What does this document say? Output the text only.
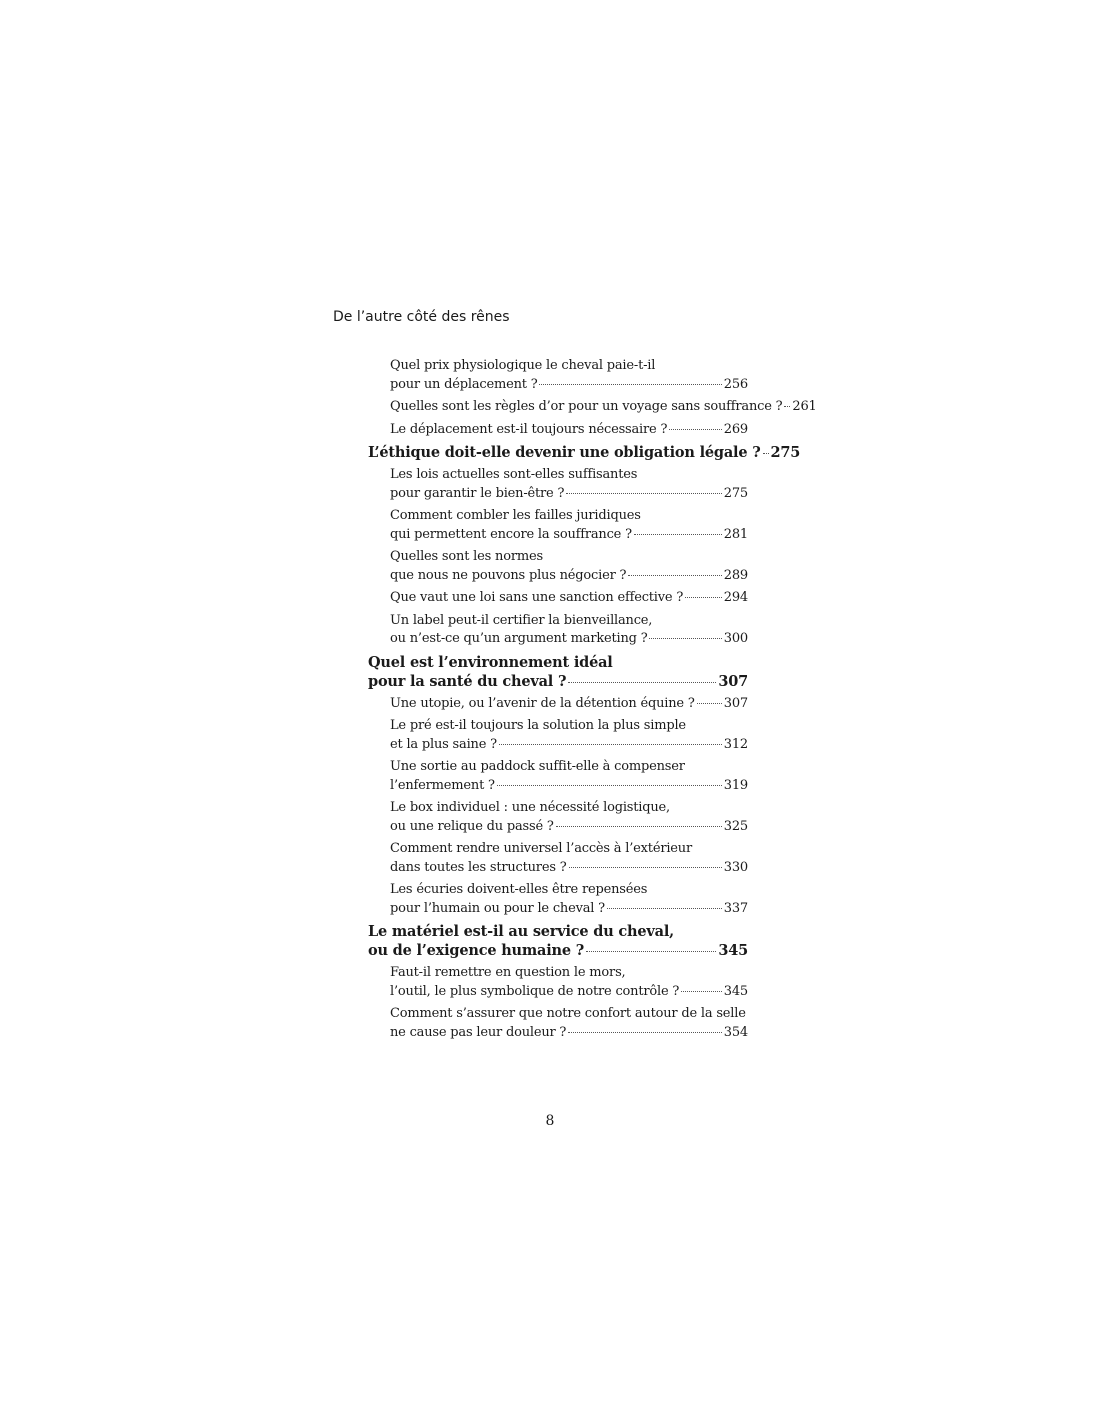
De l’autre côté des rênes
Quel prix physiologique le cheval paie-t-il
pour un déplacement ?	256
Quelles sont les règles d’or pour un voyage sans souffrance ? 261
Le déplacement est-il toujours nécessaire ?	269
L’éthique doit-elle devenir une obligation légale ? 275
Les lois actuelles sont-elles suffisantes
pour garantir le bien-être ?	275
Comment combler les failles juridiques
qui permettent encore la souffrance ?	281
Quelles sont les normes
que nous ne pouvons plus négocier ?	289
Que vaut une loi sans une sanction effective ?	294
Un label peut-il certifier la bienveillance,
ou n’est-ce qu’un argument marketing ?	300
Quel est l’environnement idéal
pour la santé du cheval ?	307
Une utopie, ou l’avenir de la détention équine ? 307
Le pré est-il toujours la solution la plus simple
et la plus saine ?	312
Une sortie au paddock suffit-elle à compenser
l’enfermement ?	319
Le box individuel : une nécessité logistique,
ou une relique du passé ?	325
Comment rendre universel l’accès à l’extérieur
dans toutes les structures ?	330
Les écuries doivent-elles être repensées
pour l’humain ou pour le cheval ?	337
Le matériel est-il au service du cheval,
ou de l’exigence humaine ?	345
Faut-il remettre en question le mors,
l’outil, le plus symbolique de notre contrôle ?	345
Comment s’assurer que notre confort autour de la selle
ne cause pas leur douleur ?	354
8
